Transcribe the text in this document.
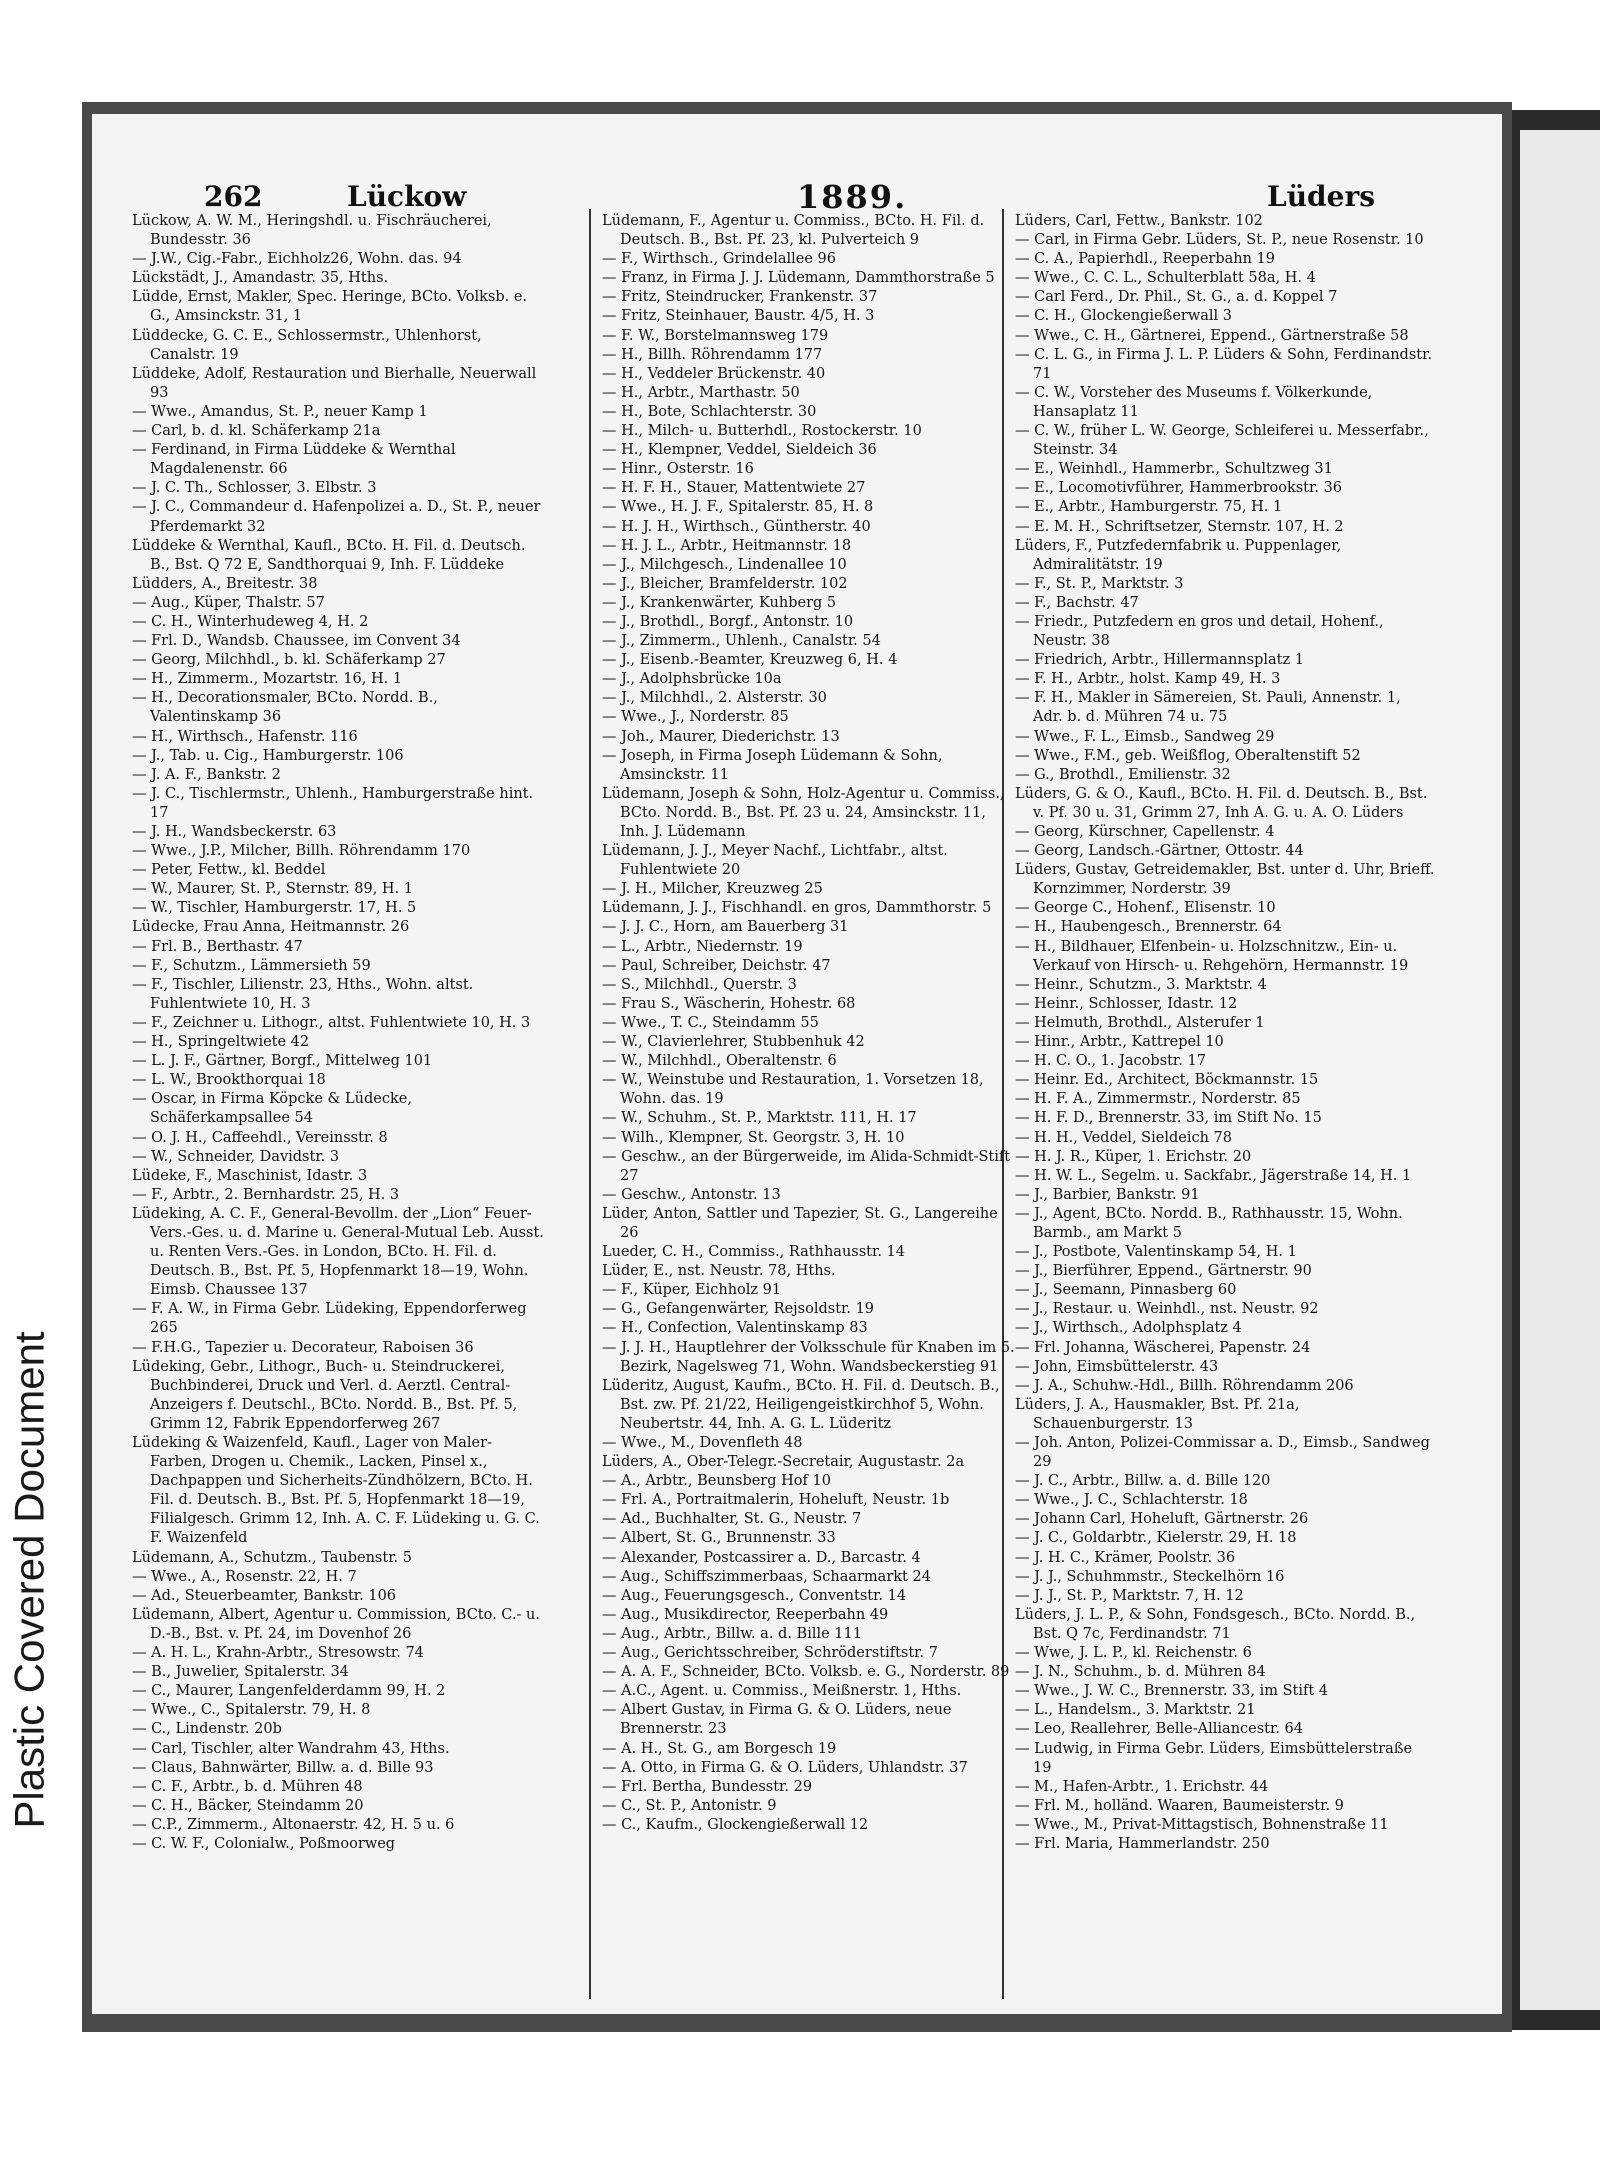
Plastic Covered Document
262	Lückow	1889.	Lüders

Lückow, A. W. M., Heringshdl. u. Fischräucherei, Bundesstr. 36

— J.W., Cig.-Fabr., Eichholz26, Wohn. das. 94

Lückstädt, J., Amandastr. 35, Hths.

Lüdde, Ernst, Makler, Spec. Heringe, BCto. Volksb. e. G., Amsinckstr. 31, 1

Lüddecke, G. C. E., Schlossermstr., Uhlenhorst, Canalstr. 19

Lüddeke, Adolf, Restauration und Bierhalle, Neuerwall 93

— Wwe., Amandus, St. P., neuer Kamp 1

— Carl, b. d. kl. Schäferkamp 21a

— Ferdinand, in Firma Lüddeke & Wernthal Magdalenenstr. 66

— J. C. Th., Schlosser, 3. Elbstr. 3

— J. C., Commandeur d. Hafenpolizei a. D., St. P., neuer Pferdemarkt 32

Lüddeke & Wernthal, Kaufl., BCto. H. Fil. d. Deutsch. B., Bst. Q 72 E, Sandthorquai 9, Inh. F. Lüddeke

Lüdders, A., Breitestr. 38

— Aug., Küper, Thalstr. 57

— C. H., Winterhudeweg 4, H. 2

— Frl. D., Wandsb. Chaussee, im Convent 34

— Georg, Milchhdl., b. kl. Schäferkamp 27

— H., Zimmerm., Mozartstr. 16, H. 1

— H., Decorationsmaler, BCto. Nordd. B., Valentinskamp 36

— H., Wirthsch., Hafenstr. 116

— J., Tab. u. Cig., Hamburgerstr. 106

— J. A. F., Bankstr. 2

— J. C., Tischlermstr., Uhlenh., Hamburgerstraße hint. 17

— J. H., Wandsbeckerstr. 63

— Wwe., J.P., Milcher, Billh. Röhrendamm 170

— Peter, Fettw., kl. Beddel

— W., Maurer, St. P., Sternstr. 89, H. 1

— W., Tischler, Hamburgerstr. 17, H. 5

Lüdecke, Frau Anna, Heitmannstr. 26

— Frl. B., Berthastr. 47

— F., Schutzm., Lämmersieth 59

— F., Tischler, Lilienstr. 23, Hths., Wohn. altst. Fuhlentwiete 10, H. 3

— F., Zeichner u. Lithogr., altst. Fuhlentwiete 10, H. 3

— H., Springeltwiete 42

— L. J. F., Gärtner, Borgf., Mittelweg 101

— L. W., Brookthorquai 18

— Oscar, in Firma Köpcke & Lüdecke, Schäferkampsallee 54

— O. J. H., Caffeehdl., Vereinsstr. 8

— W., Schneider, Davidstr. 3

Lüdeke, F., Maschinist, Idastr. 3

— F., Arbtr., 2. Bernhardstr. 25, H. 3

Lüdeking, A. C. F., General-Bevollm. der „Lion“ Feuer-Vers.-Ges. u. d. Marine u. General-Mutual Leb. Ausst. u. Renten Vers.-Ges. in London, BCto. H. Fil. d. Deutsch. B., Bst. Pf. 5, Hopfenmarkt 18—19, Wohn. Eimsb. Chaussee 137

— F. A. W., in Firma Gebr. Lüdeking, Eppendorferweg 265

— F.H.G., Tapezier u. Decorateur, Raboisen 36

Lüdeking, Gebr., Lithogr., Buch- u. Steindruckerei, Buchbinderei, Druck und Verl. d. Aerztl. Central-Anzeigers f. Deutschl., BCto. Nordd. B., Bst. Pf. 5, Grimm 12, Fabrik Eppendorferweg 267

Lüdeking & Waizenfeld, Kaufl., Lager von Maler-Farben, Drogen u. Chemik., Lacken, Pinsel x., Dachpappen und Sicherheits-Zündhölzern, BCto. H. Fil. d. Deutsch. B., Bst. Pf. 5, Hopfenmarkt 18—19, Filialgesch. Grimm 12, Inh. A. C. F. Lüdeking u. G. C. F. Waizenfeld

Lüdemann, A., Schutzm., Taubenstr. 5

— Wwe., A., Rosenstr. 22, H. 7

— Ad., Steuerbeamter, Bankstr. 106

Lüdemann, Albert, Agentur u. Commission, BCto. C.- u. D.-B., Bst. v. Pf. 24, im Dovenhof 26

— A. H. L., Krahn-Arbtr., Stresowstr. 74

— B., Juwelier, Spitalerstr. 34

— C., Maurer, Langenfelderdamm 99, H. 2

— Wwe., C., Spitalerstr. 79, H. 8

— C., Lindenstr. 20b

— Carl, Tischler, alter Wandrahm 43, Hths.

— Claus, Bahnwärter, Billw. a. d. Bille 93

— C. F., Arbtr., b. d. Mühren 48

— C. H., Bäcker, Steindamm 20

— C.P., Zimmerm., Altonaerstr. 42, H. 5 u. 6

— C. W. F., Colonialw., Poßmoorweg

Lüdemann, F., Agentur u. Commiss., BCto. H. Fil. d. Deutsch. B., Bst. Pf. 23, kl. Pulverteich 9

— F., Wirthsch., Grindelallee 96

— Franz, in Firma J. J. Lüdemann, Dammthorstraße 5

— Fritz, Steindrucker, Frankenstr. 37

— Fritz, Steinhauer, Baustr. 4/5, H. 3

— F. W., Borstelmannsweg 179

— H., Billh. Röhrendamm 177

— H., Veddeler Brückenstr. 40

— H., Arbtr., Marthastr. 50

— H., Bote, Schlachterstr. 30

— H., Milch- u. Butterhdl., Rostockerstr. 10

— H., Klempner, Veddel, Sieldeich 36

— Hinr., Osterstr. 16

— H. F. H., Stauer, Mattentwiete 27

— Wwe., H. J. F., Spitalerstr. 85, H. 8

— H. J. H., Wirthsch., Güntherstr. 40

— H. J. L., Arbtr., Heitmannstr. 18

— J., Milchgesch., Lindenallee 10

— J., Bleicher, Bramfelderstr. 102

— J., Krankenwärter, Kuhberg 5

— J., Brothdl., Borgf., Antonstr. 10

— J., Zimmerm., Uhlenh., Canalstr. 54

— J., Eisenb.-Beamter, Kreuzweg 6, H. 4

— J., Adolphsbrücke 10a

— J., Milchhdl., 2. Alsterstr. 30

— Wwe., J., Norderstr. 85

— Joh., Maurer, Diederichstr. 13

— Joseph, in Firma Joseph Lüdemann & Sohn, Amsinckstr. 11

Lüdemann, Joseph & Sohn, Holz-Agentur u. Commiss., BCto. Nordd. B., Bst. Pf. 23 u. 24, Amsinckstr. 11, Inh. J. Lüdemann

Lüdemann, J. J., Meyer Nachf., Lichtfabr., altst. Fuhlentwiete 20

— J. H., Milcher, Kreuzweg 25

Lüdemann, J. J., Fischhandl. en gros, Dammthorstr. 5

— J. J. C., Horn, am Bauerberg 31

— L., Arbtr., Niedernstr. 19

— Paul, Schreiber, Deichstr. 47

— S., Milchhdl., Querstr. 3

— Frau S., Wäscherin, Hohestr. 68

— Wwe., T. C., Steindamm 55

— W., Clavierlehrer, Stubbenhuk 42

— W., Milchhdl., Oberaltenstr. 6

— W., Weinstube und Restauration, 1. Vorsetzen 18, Wohn. das. 19

— W., Schuhm., St. P., Marktstr. 111, H. 17

— Wilh., Klempner, St. Georgstr. 3, H. 10

— Geschw., an der Bürgerweide, im Alida-Schmidt-Stift 27

— Geschw., Antonstr. 13

Lüder, Anton, Sattler und Tapezier, St. G., Langereihe 26

Lueder, C. H., Commiss., Rathhausstr. 14

Lüder, E., nst. Neustr. 78, Hths.

— F., Küper, Eichholz 91

— G., Gefangenwärter, Rejsoldstr. 19

— H., Confection, Valentinskamp 83

— J. J. H., Hauptlehrer der Volksschule für Knaben im 5. Bezirk, Nagelsweg 71, Wohn. Wandsbeckerstieg 91

Lüderitz, August, Kaufm., BCto. H. Fil. d. Deutsch. B., Bst. zw. Pf. 21/22, Heiligengeistkirchhof 5, Wohn. Neubertstr. 44, Inh. A. G. L. Lüderitz

— Wwe., M., Dovenfleth 48

Lüders, A., Ober-Telegr.-Secretair, Augustastr. 2a

— A., Arbtr., Beunsberg Hof 10

— Frl. A., Portraitmalerin, Hoheluft, Neustr. 1b

— Ad., Buchhalter, St. G., Neustr. 7

— Albert, St. G., Brunnenstr. 33

— Alexander, Postcassirer a. D., Barcastr. 4

— Aug., Schiffszimmerbaas, Schaarmarkt 24

— Aug., Feuerungsgesch., Conventstr. 14

— Aug., Musikdirector, Reeperbahn 49

— Aug., Arbtr., Billw. a. d. Bille 111

— Aug., Gerichtsschreiber, Schröderstiftstr. 7

— A. A. F., Schneider, BCto. Volksb. e. G., Norderstr. 89

— A.C., Agent. u. Commiss., Meißnerstr. 1, Hths.

— Albert Gustav, in Firma G. & O. Lüders, neue Brennerstr. 23

— A. H., St. G., am Borgesch 19

— A. Otto, in Firma G. & O. Lüders, Uhlandstr. 37

— Frl. Bertha, Bundesstr. 29

— C., St. P., Antonistr. 9

— C., Kaufm., Glockengießerwall 12

Lüders, Carl, Fettw., Bankstr. 102

— Carl, in Firma Gebr. Lüders, St. P., neue Rosenstr. 10

— C. A., Papierhdl., Reeperbahn 19

— Wwe., C. C. L., Schulterblatt 58a, H. 4

— Carl Ferd., Dr. Phil., St. G., a. d. Koppel 7

— C. H., Glockengießerwall 3

— Wwe., C. H., Gärtnerei, Eppend., Gärtnerstraße 58

— C. L. G., in Firma J. L. P. Lüders & Sohn, Ferdinandstr. 71

— C. W., Vorsteher des Museums f. Völkerkunde, Hansaplatz 11

— C. W., früher L. W. George, Schleiferei u. Messerfabr., Steinstr. 34

— E., Weinhdl., Hammerbr., Schultzweg 31

— E., Locomotivführer, Hammerbrookstr. 36

— E., Arbtr., Hamburgerstr. 75, H. 1

— E. M. H., Schriftsetzer, Sternstr. 107, H. 2

Lüders, F., Putzfedernfabrik u. Puppenlager, Admiralitätstr. 19

— F., St. P., Marktstr. 3

— F., Bachstr. 47

— Friedr., Putzfedern en gros und detail, Hohenf., Neustr. 38

— Friedrich, Arbtr., Hillermannsplatz 1

— F. H., Arbtr., holst. Kamp 49, H. 3

— F. H., Makler in Sämereien, St. Pauli, Annenstr. 1, Adr. b. d. Mühren 74 u. 75

— Wwe., F. L., Eimsb., Sandweg 29

— Wwe., F.M., geb. Weißflog, Oberaltenstift 52

— G., Brothdl., Emilienstr. 32

Lüders, G. & O., Kaufl., BCto. H. Fil. d. Deutsch. B., Bst. v. Pf. 30 u. 31, Grimm 27, Inh A. G. u. A. O. Lüders

— Georg, Kürschner, Capellenstr. 4

— Georg, Landsch.-Gärtner, Ottostr. 44

Lüders, Gustav, Getreidemakler, Bst. unter d. Uhr, Brieff. Kornzimmer, Norderstr. 39

— George C., Hohenf., Elisenstr. 10

— H., Haubengesch., Brennerstr. 64

— H., Bildhauer, Elfenbein- u. Holzschnitzw., Ein- u. Verkauf von Hirsch- u. Rehgehörn, Hermannstr. 19

— Heinr., Schutzm., 3. Marktstr. 4

— Heinr., Schlosser, Idastr. 12

— Helmuth, Brothdl., Alsterufer 1

— Hinr., Arbtr., Kattrepel 10

— H. C. O., 1. Jacobstr. 17

— Heinr. Ed., Architect, Böckmannstr. 15

— H. F. A., Zimmermstr., Norderstr. 85

— H. F. D., Brennerstr. 33, im Stift No. 15

— H. H., Veddel, Sieldeich 78

— H. J. R., Küper, 1. Erichstr. 20

— H. W. L., Segelm. u. Sackfabr., Jägerstraße 14, H. 1

— J., Barbier, Bankstr. 91

— J., Agent, BCto. Nordd. B., Rathhausstr. 15, Wohn. Barmb., am Markt 5

— J., Postbote, Valentinskamp 54, H. 1

— J., Bierführer, Eppend., Gärtnerstr. 90

— J., Seemann, Pinnasberg 60

— J., Restaur. u. Weinhdl., nst. Neustr. 92

— J., Wirthsch., Adolphsplatz 4

— Frl. Johanna, Wäscherei, Papenstr. 24

— John, Eimsbüttelerstr. 43

— J. A., Schuhw.-Hdl., Billh. Röhrendamm 206

Lüders, J. A., Hausmakler, Bst. Pf. 21a, Schauenburgerstr. 13

— Joh. Anton, Polizei-Commissar a. D., Eimsb., Sandweg 29

— J. C., Arbtr., Billw. a. d. Bille 120

— Wwe., J. C., Schlachterstr. 18

— Johann Carl, Hoheluft, Gärtnerstr. 26

— J. C., Goldarbtr., Kielerstr. 29, H. 18

— J. H. C., Krämer, Poolstr. 36

— J. J., Schuhmmstr., Steckelhörn 16

— J. J., St. P., Marktstr. 7, H. 12

Lüders, J. L. P., & Sohn, Fondsgesch., BCto. Nordd. B., Bst. Q 7c, Ferdinandstr. 71

— Wwe, J. L. P., kl. Reichenstr. 6

— J. N., Schuhm., b. d. Mühren 84

— Wwe., J. W. C., Brennerstr. 33, im Stift 4

— L., Handelsm., 3. Marktstr. 21

— Leo, Reallehrer, Belle-Alliancestr. 64

— Ludwig, in Firma Gebr. Lüders, Eimsbüttelerstraße 19

— M., Hafen-Arbtr., 1. Erichstr. 44

— Frl. M., holländ. Waaren, Baumeisterstr. 9

— Wwe., M., Privat-Mittagstisch, Bohnenstraße 11

— Frl. Maria, Hammerlandstr. 250
